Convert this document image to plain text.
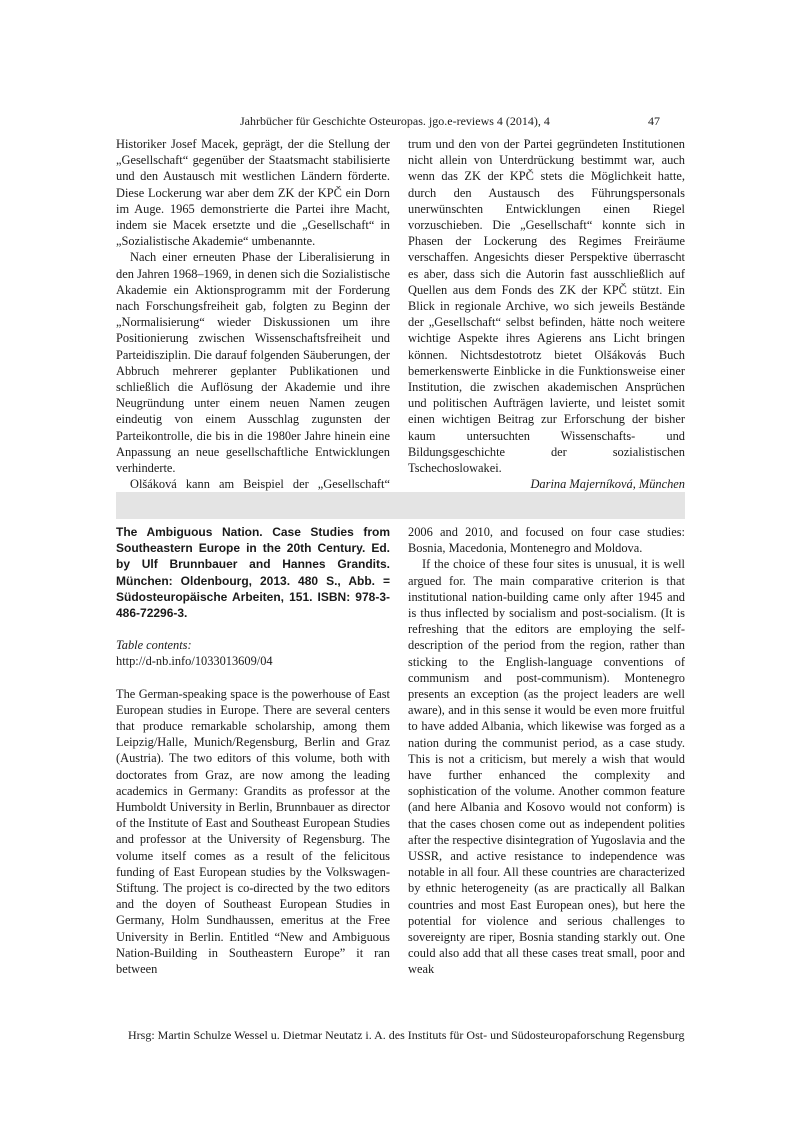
Jahrbücher für Geschichte Osteuropas. jgo.e-reviews 4 (2014), 4	47

Historiker Josef Macek, geprägt, der die Stellung der „Gesellschaft“ gegenüber der Staatsmacht stabilisierte und den Austausch mit westlichen Ländern förderte. Diese Lockerung war aber dem ZK der KPČ ein Dorn im Auge. 1965 demonstrierte die Partei ihre Macht, indem sie Macek ersetzte und die „Gesellschaft“ in „Sozialistische Akademie“ umbenannte.

Nach einer erneuten Phase der Liberalisierung in den Jahren 1968–1969, in denen sich die Sozialistische Akademie ein Aktionsprogramm mit der Forderung nach Forschungsfreiheit gab, folgten zu Beginn der „Normalisierung“ wieder Diskussionen um ihre Positionierung zwischen Wissenschaftsfreiheit und Parteidisziplin. Die darauf folgenden Säuberungen, der Abbruch mehrerer geplanter Publikationen und schließlich die Auflösung der Akademie und ihre Neugründung unter einem neuen Namen zeugen eindeutig von einem Ausschlag zugunsten der Parteikontrolle, die bis in die 1980er Jahre hinein eine Anpassung an neue gesellschaftliche Entwicklungen verhinderte.

Olšáková kann am Beispiel der „Gesellschaft“

trum und den von der Partei gegründeten Institutionen nicht allein von Unterdrückung bestimmt war, auch wenn das ZK der KPČ stets die Möglichkeit hatte, durch den Austausch des Führungspersonals unerwünschten Entwicklungen einen Riegel vorzuschieben. Die „Gesellschaft“ konnte sich in Phasen der Lockerung des Regimes Freiräume verschaffen. Angesichts dieser Perspektive überrascht es aber, dass sich die Autorin fast ausschließlich auf Quellen aus dem Fonds des ZK der KPČ stützt. Ein Blick in regionale Archive, wo sich jeweils Bestände der „Gesellschaft“ selbst befinden, hätte noch weitere wichtige Aspekte ihres Agierens ans Licht bringen können. Nichtsdestotrotz bietet Olšákovás Buch bemerkenswerte Einblicke in die Funktionsweise einer Institution, die zwischen akademischen Ansprüchen und politischen Aufträgen lavierte, und leistet somit einen wichtigen Beitrag zur Erforschung der bisher kaum untersuchten Wissenschafts- und Bildungsgeschichte der sozialistischen Tschechoslowakei.

Darina Majerníková, München

The Ambiguous Nation. Case Studies from Southeastern Europe in the 20th Century. Ed. by Ulf Brunnbauer and Hannes Grandits. München: Oldenbourg, 2013. 480 S., Abb. = Südosteuropäische Arbeiten, 151. ISBN: 978-3-486-72296-3.

Table contents:

http://d-nb.info/1033013609/04

The German-speaking space is the powerhouse of East European studies in Europe. There are several centers that produce remarkable scholarship, among them Leipzig/Halle, Munich/Regensburg, Berlin and Graz (Austria). The two editors of this volume, both with doctorates from Graz, are now among the leading academics in Germany: Grandits as professor at the Humboldt University in Berlin, Brunnbauer as director of the Institute of East and Southeast European Studies and professor at the University of Regensburg. The volume itself comes as a result of the felicitous funding of East European studies by the Volkswagen-Stiftung. The project is co-directed by the two editors and the doyen of Southeast European Studies in Germany, Holm Sundhaussen, emeritus at the Free University in Berlin. Entitled “New and Ambiguous Nation-Building in Southeastern Europe” it ran between

2006 and 2010, and focused on four case studies: Bosnia, Macedonia, Montenegro and Moldova.

If the choice of these four sites is unusual, it is well argued for. The main comparative criterion is that institutional nation-building came only after 1945 and is thus inflected by socialism and post-socialism. (It is refreshing that the editors are employing the self-description of the period from the region, rather than sticking to the English-language conventions of communism and post-communism). Montenegro presents an exception (as the project leaders are well aware), and in this sense it would be even more fruitful to have added Albania, which likewise was forged as a nation during the communist period, as a case study. This is not a criticism, but merely a wish that would have further enhanced the complexity and sophistication of the volume. Another common feature (and here Albania and Kosovo would not conform) is that the cases chosen come out as independent polities after the respective disintegration of Yugoslavia and the USSR, and active resistance to independence was notable in all four. All these countries are characterized by ethnic heterogeneity (as are practically all Balkan countries and most East European ones), but here the potential for violence and serious challenges to sovereignty are riper, Bosnia standing starkly out. One could also add that all these cases treat small, poor and weak

Hrsg: Martin Schulze Wessel u. Dietmar Neutatz i. A. des Instituts für Ost- und Südosteuropaforschung Regensburg
